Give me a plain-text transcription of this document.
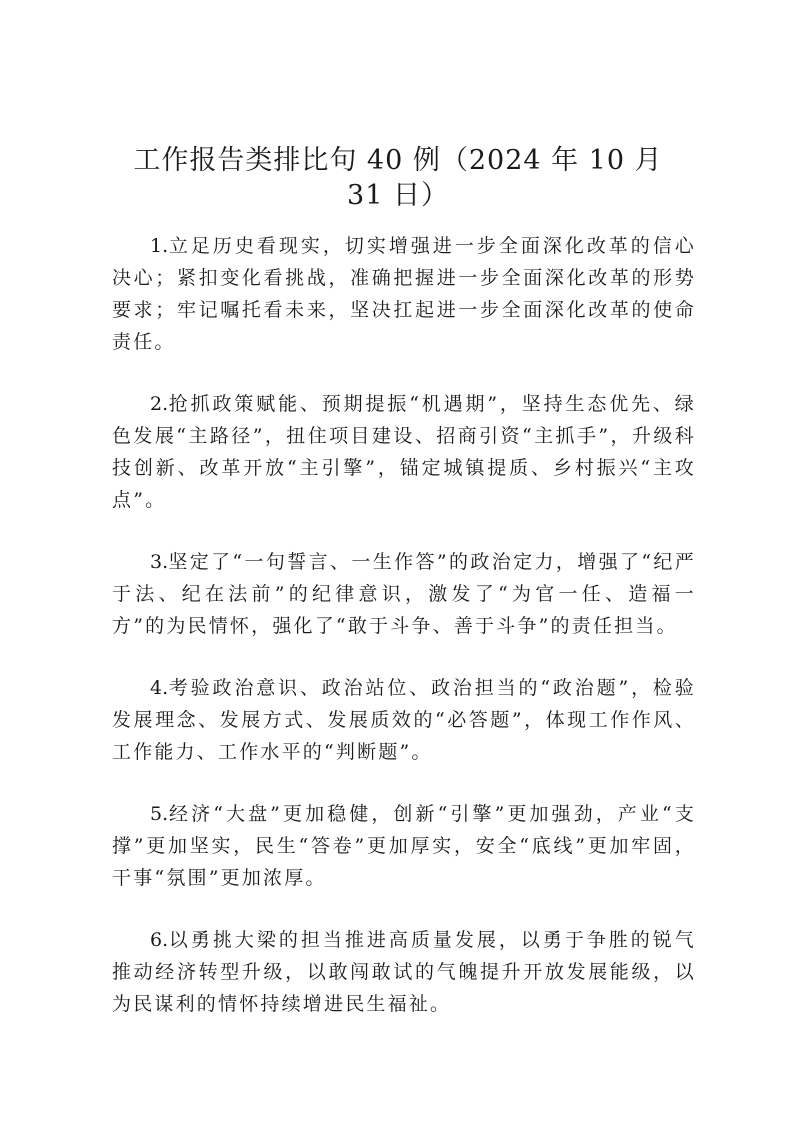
工作报告类排比句 40 例（2024 年 10 月 31 日）

1.立足历史看现实，切实增强进一步全面深化改革的信心决心；紧扣变化看挑战，准确把握进一步全面深化改革的形势要求；牢记嘱托看未来，坚决扛起进一步全面深化改革的使命责任。

2.抢抓政策赋能、预期提振“机遇期”，坚持生态优先、绿色发展“主路径”，扭住项目建设、招商引资“主抓手”，升级科技创新、改革开放“主引擎”，锚定城镇提质、乡村振兴“主攻点”。

3.坚定了“一句誓言、一生作答”的政治定力，增强了“纪严于法、纪在法前”的纪律意识，激发了“为官一任、造福一方”的为民情怀，强化了“敢于斗争、善于斗争”的责任担当。

4.考验政治意识、政治站位、政治担当的“政治题”，检验发展理念、发展方式、发展质效的“必答题”，体现工作作风、工作能力、工作水平的“判断题”。

5.经济“大盘”更加稳健，创新“引擎”更加强劲，产业“支撑”更加坚实，民生“答卷”更加厚实，安全“底线”更加牢固，干事“氛围”更加浓厚。

6.以勇挑大梁的担当推进高质量发展，以勇于争胜的锐气推动经济转型升级，以敢闯敢试的气魄提升开放发展能级，以为民谋利的情怀持续增进民生福祉。
